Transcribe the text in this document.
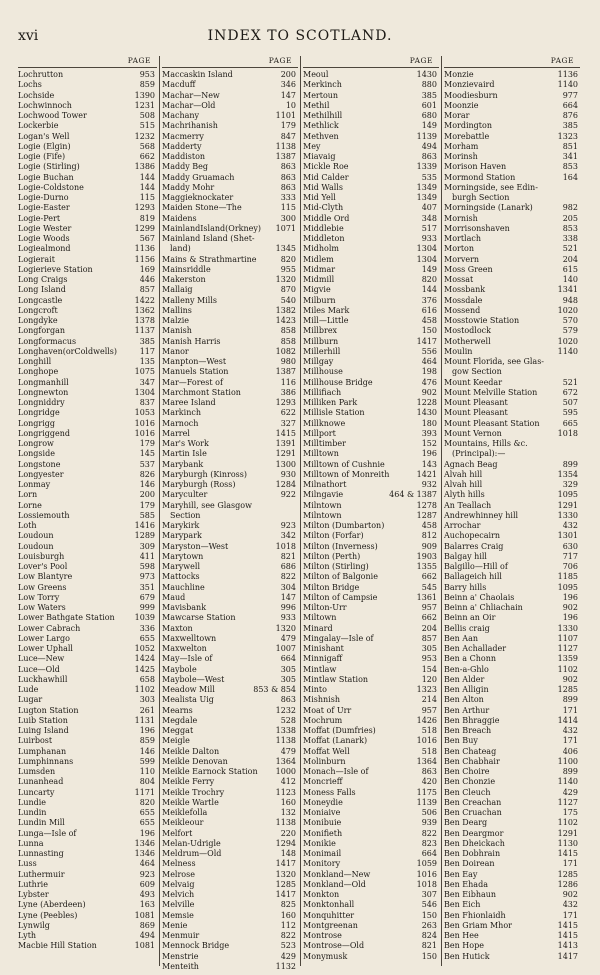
xvi	INDEX TO SCOTLAND.
PAGE
Lochrutton	953
Lochs	859
Lochside	1390
Lochwinnoch	1231
Lochwood Tower	508
Lockerbie	515
Logan's Well	1232
Logie (Elgin)	568
Logie (Fife)	662
Logie (Stirling)	1386
Logie Buchan	144
Logie-Coldstone	144
Logie-Durno	115
Logie-Easter	1293
Logie-Pert	819
Logie Wester	1299
Logie Woods	567
Logiealmond	1136
Logierait	1156
Logierieve Station	169
Long Craigs	446
Long Island	857
Longcastle	1422
Longcroft	1362
Longdyke	1378
Longforgan	1137
Longformacus	385
Longhaven(orColdwells)	117
Longhill	135
Longhope	1075
Longmanhill	347
Longnewton	1304
Longniddry	837
Longridge	1053
Longrigg	1016
Longriggend	1016
Longrow	179
Longside	145
Longstone	537
Longyester	826
Lonmay	146
Lorn	200
Lorne	179
Lossiemouth	585
Loth	1416
Loudoun	1289
Loudoun	309
Louisburgh	411
Lover's Pool	598
Low Blantyre	973
Low Greens	351
Low Torry	679
Low Waters	999
Lower Bathgate Station	1039
Lower Cabrach	336
Lower Largo	655
Lower Uphall	1052
Luce—New	1424
Luce—Old	1425
Luckhawhill	658
Lude	1102
Lugar	303
Lugton Station	261
Luib Station	1131
Luing Island	196
Luirbost	859
Lumphanan	146
Lumphinnans	599
Lumsden	110
Lunanhead	804
Luncarty	1171
Lundie	820
Lundin	655
Lundin Mill	655
Lunga—Isle of	196
Lunna	1346
Lunnasting	1346
Luss	464
Luthermuir	923
Luthrie	609
Lybster	493
Lyne (Aberdeen)	163
Lyne (Peebles)	1081
Lynwilg	869
Lyth	494
Macbie Hill Station	1081
PAGE
Maccaskin Island	200
Macduff	346
Machar—New	147
Machar—Old	10
Machany	1101
Machrihanish	179
Macmerry	847
Madderty	1138
Maddiston	1387
Maddy Beg	863
Maddy Gruamach	863
Maddy Mohr	863
Maggieknockater	333
Maiden Stone—The	115
Maidens	300
MainlandIsland(Orkney)	1071
Mainland Island (Shet-
land)	1345
Mains & Strathmartine	820
Mainsriddle	955
Makerston	1320
Mallaig	870
Malleny Mills	540
Mallins	1382
Malzie	1423
Manish	858
Manish Harris	858
Manor	1082
Manpton—West	980
Manuels Station	1387
Mar—Forest of	116
Marchmont Station	386
Maree Island	1293
Markinch	622
Marnoch	327
Marrel	1415
Mar's Work	1391
Martin Isle	1291
Marybank	1300
Maryburgh (Kinross)	930
Maryburgh (Ross)	1284
Maryculter	922
Maryhill, see Glasgow
Section
Marykirk	923
Marypark	342
Maryston—West	1018
Marytown	821
Marywell	686
Mattocks	822
Mauchline	304
Maud	147
Mavisbank	996
Mawcarse Station	933
Maxton	1320
Maxwelltown	479
Maxwelton	1007
May—Isle of	664
Maybole	305
Maybole—West	305
Meadow Mill	853 & 854
Mealista Uig	863
Mearns	1232
Megdale	528
Meggat	1338
Meigle	1138
Meikle Dalton	479
Meikle Denovan	1364
Meikle Earnock Station	1000
Meikle Ferry	412
Meikle Trochry	1123
Meikle Wartle	160
Meiklefolla	132
Meikleour	1138
Melfort	220
Melan-Udrigle	1294
Meldrum—Old	148
Melness	1417
Melrose	1320
Melvaig	1285
Melvich	1417
Melville	825
Memsie	160
Menie	112
Menmuir	822
Mennock Bridge	523
Menstrie	429
Menteith	1132
PAGE
Meoul	1430
Merkinch	880
Mertoun	385
Methil	601
Methilhill	680
Methlick	149
Methven	1139
Mey	494
Miavaig	863
Mickle Roe	1339
Mid Calder	535
Mid Walls	1349
Mid Yell	1349
Mid-Clyth	407
Middle Ord	348
Middlebie	517
Middleton	933
Midholm	1304
Midlem	1304
Midmar	149
Midmill	820
Migvie	144
Milburn	376
Miles Mark	616
Mill—Little	458
Millbrex	150
Millburn	1417
Millerhill	556
Millgay	464
Millhouse	198
Millhouse Bridge	476
Millifiach	902
Milliken Park	1228
Millisle Station	1430
Millknowe	180
Millport	393
Milltimber	152
Milltown	196
Milltown of Cushnie	143
Milltown of Monreith	1421
Milnathort	932
Milngavie	464 & 1387
Milntown	1278
Milntown	1287
Milton (Dumbarton)	458
Milton (Forfar)	812
Milton (Inverness)	909
Milton (Perth)	1903
Milton (Stirling)	1355
Milton of Balgonie	662
Milton Bridge	545
Milton of Campsie	1361
Milton-Urr	957
Miltown	662
Minard	204
Mingalay—Isle of	857
Minishant	305
Minnigaff	953
Mintlaw	154
Mintlaw Station	120
Minto	1323
Mishnish	214
Moat of Urr	957
Mochrum	1426
Moffat (Dumfries)	518
Moffat (Lanark)	1016
Moffat Well	518
Molinburn	1364
Monach—Isle of	863
Moncrieff	420
Moness Falls	1175
Moneydie	1139
Moniaive	506
Monibuie	939
Monifieth	822
Monikie	823
Monimail	664
Monitory	1059
Monkland—New	1016
Monkland—Old	1018
Monkton	307
Monktonhall	546
Monquhitter	150
Montgreenan	263
Montrose	824
Montrose—Old	821
Monymusk	150
PAGE
Monzie	1136
Monzievaird	1140
Moodiesburn	977
Moonzie	664
Morar	876
Mordington	385
Morebattle	1323
Morham	851
Morinsh	341
Morison Haven	853
Mormond Station	164
Morningside, see Edin-
burgh Section
Morningside (Lanark)	982
Mornish	205
Morrisonshaven	853
Mortlach	338
Morton	521
Morvern	204
Moss Green	615
Mossat	140
Mossbank	1341
Mossdale	948
Mossend	1020
Mosstowie Station	570
Mostodlock	579
Motherwell	1020
Moulin	1140
Mount Florida, see Glas-
gow Section
Mount Keedar	521
Mount Melville Station	672
Mount Pleasant	507
Mount Pleasant	595
Mount Pleasant Station	665
Mount Vernon	1018
Mountains, Hills &c.
(Principal):—
Agnach Beag	899
Alvah hill	1354
Alvah hill	329
Alyth hills	1095
An Teallach	1291
Andrewhinney hill	1330
Arrochar	432
Auchopecairn	1301
Balarres Craig	630
Balgay hill	717
Balgillo—Hill of	706
Ballageich hill	1185
Barry hills	1095
Beinn a' Chaolais	196
Beinn a' Chliachain	902
Beinn an Oir	196
Bellis craig	1330
Ben Aan	1107
Ben Achallader	1127
Ben a Chonn	1359
Ben-a-Ghlo	1102
Ben Alder	902
Ben Alligin	1285
Ben Alton	899
Ben Arthur	171
Ben Bhraggie	1414
Ben Breach	432
Ben Buy	171
Ben Chateag	406
Ben Chabhair	1100
Ben Choire	899
Ben Chonzie	1140
Ben Cleuch	429
Ben Creachan	1127
Ben Cruachan	175
Ben Dearg	1102
Ben Deargmor	1291
Ben Dheickach	1130
Ben Dobhrain	1415
Ben Doirean	171
Ben Eay	1285
Ben Ehada	1286
Ben Eibhaun	902
Ben Eich	432
Ben Fhionlaidh	171
Ben Griam Mhor	1415
Ben Hee	1415
Ben Hope	1413
Ben Hutick	1417
